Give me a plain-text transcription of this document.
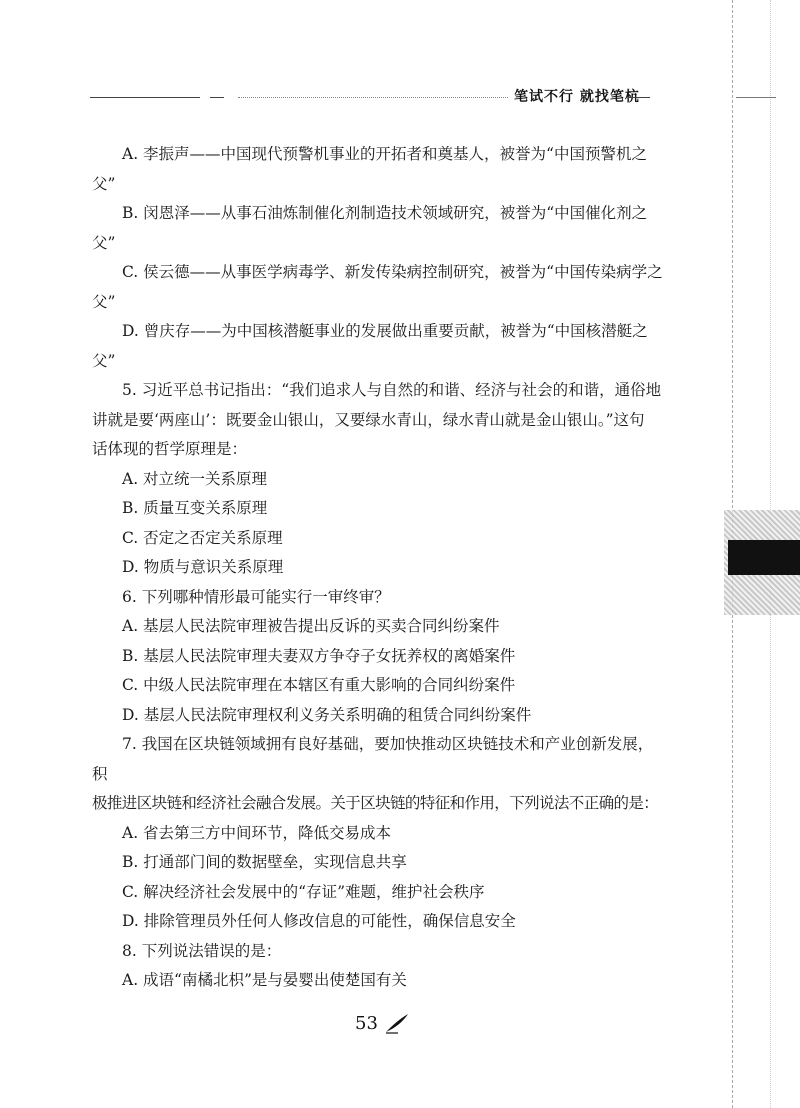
笔试不行 就找笔杭

A. 李振声——中国现代预警机事业的开拓者和奠基人，被誉为“中国预警机之

父”

B. 闵恩泽——从事石油炼制催化剂制造技术领域研究，被誉为“中国催化剂之

父”

C. 侯云德——从事医学病毒学、新发传染病控制研究，被誉为“中国传染病学之

父”

D. 曾庆存——为中国核潜艇事业的发展做出重要贡献，被誉为“中国核潜艇之

父”

5. 习近平总书记指出：“我们追求人与自然的和谐、经济与社会的和谐，通俗地

讲就是要‘两座山’：既要金山银山，又要绿水青山，绿水青山就是金山银山。”这句

话体现的哲学原理是：

A. 对立统一关系原理

B. 质量互变关系原理

C. 否定之否定关系原理

D. 物质与意识关系原理

6. 下列哪种情形最可能实行一审终审？

A. 基层人民法院审理被告提出反诉的买卖合同纠纷案件

B. 基层人民法院审理夫妻双方争夺子女抚养权的离婚案件

C. 中级人民法院审理在本辖区有重大影响的合同纠纷案件

D. 基层人民法院审理权利义务关系明确的租赁合同纠纷案件

7. 我国在区块链领域拥有良好基础，要加快推动区块链技术和产业创新发展，积

极推进区块链和经济社会融合发展。关于区块链的特征和作用，下列说法不正确的是：

A. 省去第三方中间环节，降低交易成本

B. 打通部门间的数据壁垒，实现信息共享

C. 解决经济社会发展中的“存证”难题，维护社会秩序

D. 排除管理员外任何人修改信息的可能性，确保信息安全

8. 下列说法错误的是：

A. 成语“南橘北枳”是与晏婴出使楚国有关

53
